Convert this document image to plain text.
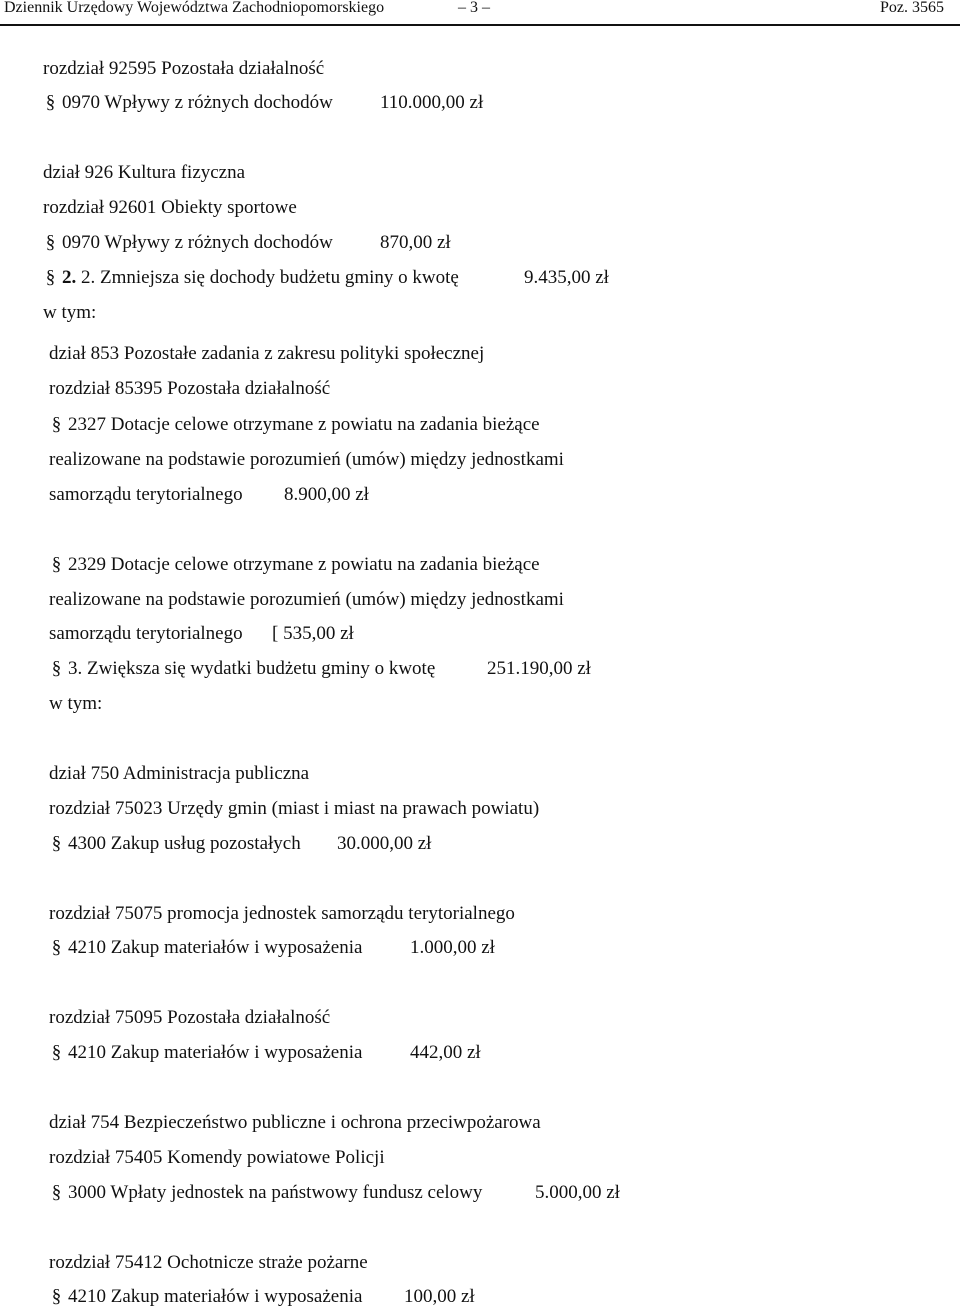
Dziennik Urzędowy Województwa Zachodniopomorskiego	– 3 –	Poz. 3565
rozdział 92595 Pozostała działalność
§ 0970 Wpływy z różnych dochodów 110.000,00 zł
dział 926 Kultura fizyczna
rozdział 92601 Obiekty sportowe
§ 0970 Wpływy z różnych dochodów 870,00 zł
§ 2. 2. Zmniejsza się dochody budżetu gminy o kwotę	9.435,00 zł
w tym:
dział 853 Pozostałe zadania z zakresu polityki społecznej
rozdział 85395 Pozostała działalność
§ 2327 Dotacje celowe otrzymane z powiatu na zadania bieżące
realizowane na podstawie porozumień (umów) między jednostkami
samorządu terytorialnego 8.900,00 zł
§ 2329 Dotacje celowe otrzymane z powiatu na zadania bieżące
realizowane na podstawie porozumień (umów) między jednostkami
samorządu terytorialnego [ 535,00 zł
§ 3. Zwiększa się wydatki budżetu gminy o kwotę	251.190,00 zł
w tym:
dział 750 Administracja publiczna
rozdział 75023 Urzędy gmin (miast i miast na prawach powiatu)
§ 4300 Zakup usług pozostałych 30.000,00 zł
rozdział 75075 promocja jednostek samorządu terytorialnego
§ 4210 Zakup materiałów i wyposażenia	1.000,00 zł
rozdział 75095 Pozostała działalność
§ 4210 Zakup materiałów i wyposażenia	442,00 zł
dział 754 Bezpieczeństwo publiczne i ochrona przeciwpożarowa
rozdział 75405 Komendy powiatowe Policji
§ 3000 Wpłaty jednostek na państwowy fundusz celowy	5.000,00 zł
rozdział 75412 Ochotnicze straże pożarne
§ 4210 Zakup materiałów i wyposażenia 100,00 zł
